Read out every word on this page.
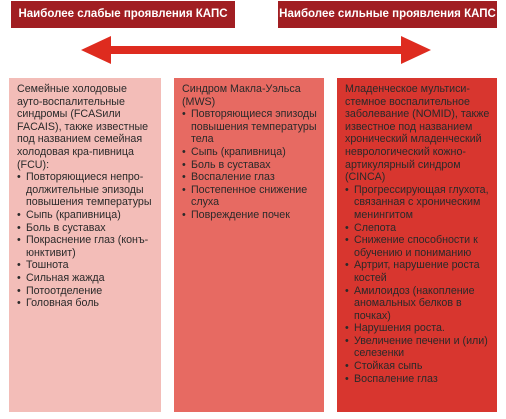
Наиболее слабые проявления КАПС	Наиболее сильные проявления КАПС

Семейные холодовые ауто-воспалительные синдромы (FCASили FACAIS), также известные под названием семейная холодовая кра-пивница (FCU):

• Повторяющиеся непро-должительные эпизоды повышения температуры
• Сыпь (крапивница)
• Боль в суставах
• Покраснение глаз (конъ-юнктивит)
• Тошнота
• Сильная жажда
• Потоотделение
• Головная боль

Синдром Макла-Уэльса (MWS)

• Повторяющиеся эпизоды повышения температуры тела
• Сыпь (крапивница)
• Боль в суставах
• Воспаление глаз
• Постепенное снижение слуха
• Повреждение почек

Младенческое мультиси-стемное воспалительное заболевание (NOMID), также известное под названием хронический младенческий неврологический кожно-артикулярный синдром (CINCA)

• Прогрессирующая глухота, связанная с хроническим менингитом
• Слепота
• Снижение способности к обучению и пониманию
• Артрит, нарушение роста костей
• Амилоидоз (накопление аномальных белков в почках)
• Нарушения роста.
• Увеличение печени и (или) селезенки
• Стойкая сыпь
• Воспаление глаз
